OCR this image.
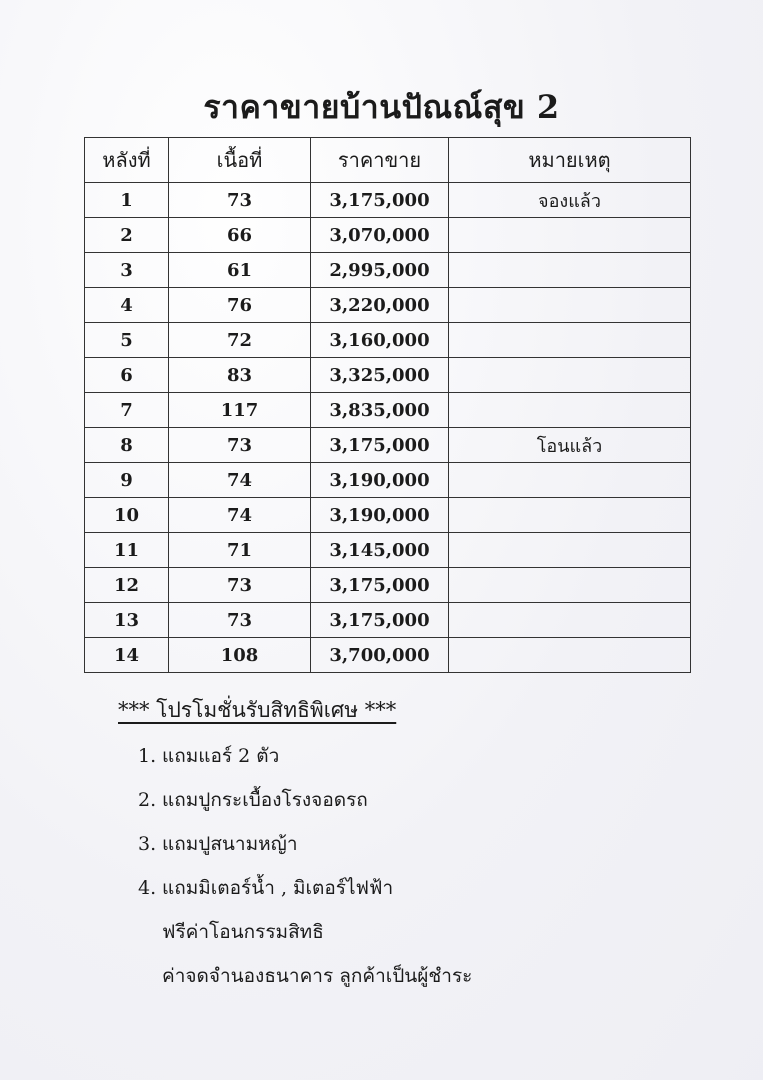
ราคาขายบ้านปัณณ์สุข 2
หลังที่	เนื้อที่	ราคาขาย	หมายเหตุ
1	73	3,175,000	จองแล้ว
2	66	3,070,000	
3	61	2,995,000	
4	76	3,220,000	
5	72	3,160,000	
6	83	3,325,000	
7	117	3,835,000	
8	73	3,175,000	โอนแล้ว
9	74	3,190,000	
10	74	3,190,000	
11	71	3,145,000	
12	73	3,175,000	
13	73	3,175,000	
14	108	3,700,000	
*** โปรโมชั่นรับสิทธิพิเศษ ***
1. แถมแอร์ 2 ตัว
2. แถมปูกระเบื้องโรงจอดรถ
3. แถมปูสนามหญ้า
4. แถมมิเตอร์น้ำ , มิเตอร์ไฟฟ้า
ฟรีค่าโอนกรรมสิทธิ
ค่าจดจำนองธนาคาร ลูกค้าเป็นผู้ชำระ
